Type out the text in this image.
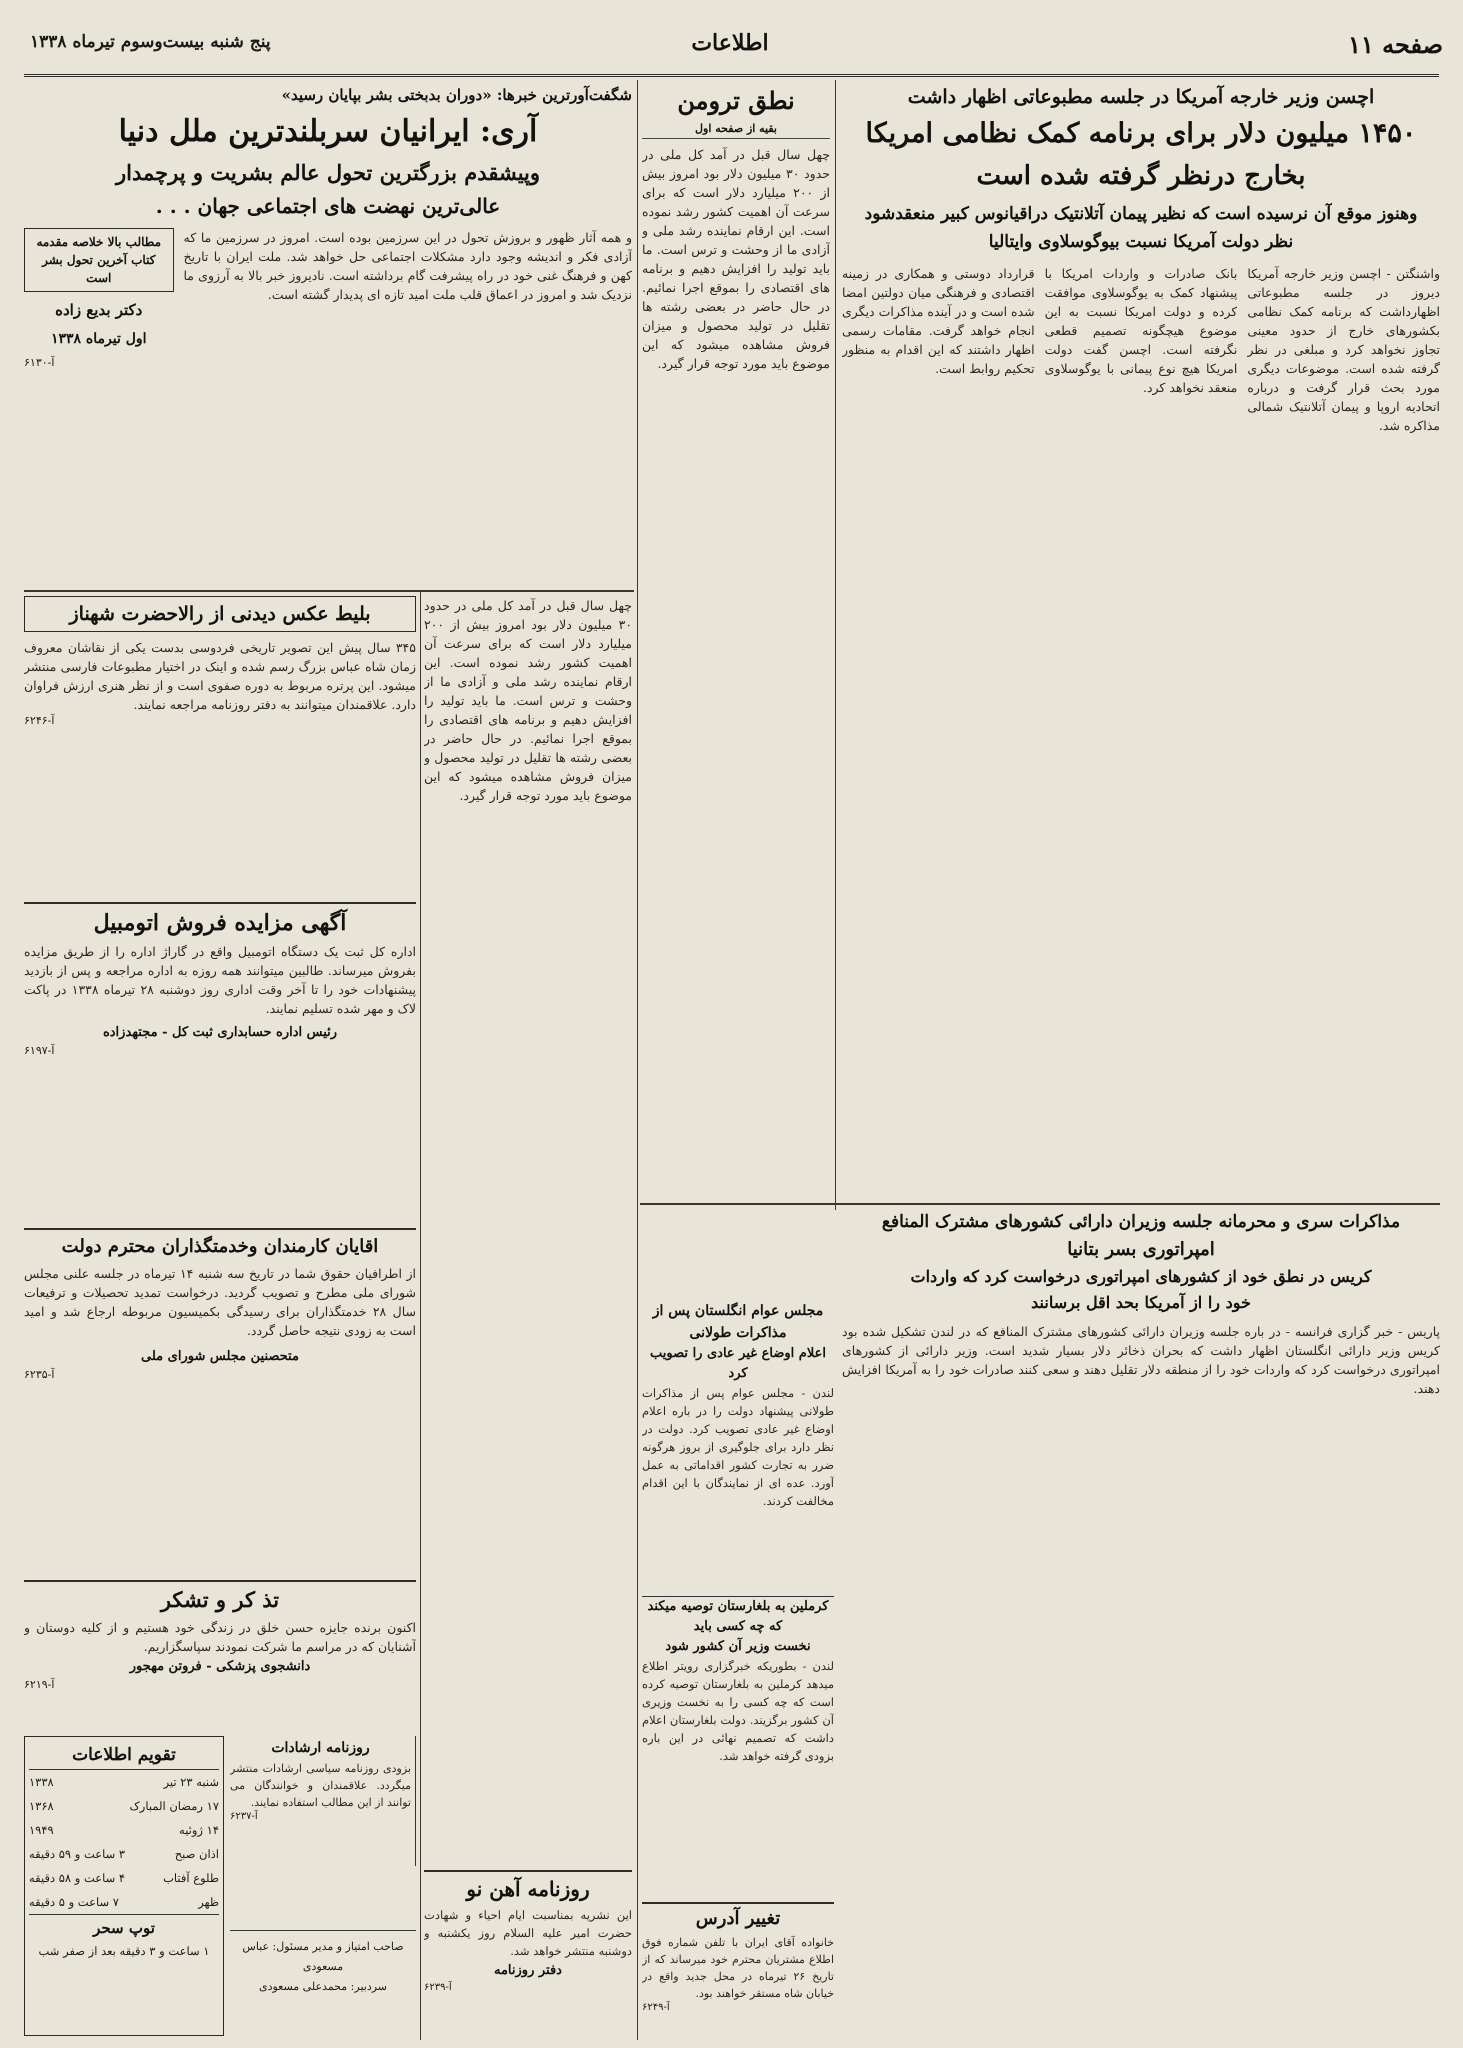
صفحه ۱۱
اطلاعات
پنج شنبه بیست‌وسوم تیرماه ۱۳۳۸
اچسن وزیر خارجه آمریکا در جلسه مطبوعاتی اظهار داشت
۱۴۵۰ میلیون دلار برای برنامه کمک نظامی امریکا
بخارج درنظر گرفته شده است
وهنوز موقع آن نرسیده است که نظیر پیمان آتلانتیک دراقیانوس کبیر منعقدشود
نظر دولت آمریکا نسبت بیوگوسلاوی وایتالیا
واشنگتن - اچسن وزیر خارجه آمریکا دیروز در جلسه مطبوعاتی اظهارداشت که برنامه کمک نظامی بکشورهای خارج از حدود معینی تجاوز نخواهد کرد و مبلغی در نظر گرفته شده است. موضوعات دیگری مورد بحث قرار گرفت و درباره اتحادیه اروپا و پیمان آتلانتیک شمالی مذاکره شد.
بانک صادرات و واردات امریکا با پیشنهاد کمک به یوگوسلاوی موافقت کرده و دولت امریکا نسبت به این موضوع هیچگونه تصمیم قطعی نگرفته است. اچسن گفت دولت امریکا هیچ نوع پیمانی با یوگوسلاوی منعقد نخواهد کرد.
قرارداد دوستی و همکاری در زمینه اقتصادی و فرهنگی میان دولتین امضا شده است و در آینده مذاکرات دیگری انجام خواهد گرفت. مقامات رسمی اظهار داشتند که این اقدام به منظور تحکیم روابط است.
نطق ترومن
بقیه از صفحه اول
چهل سال قبل در آمد کل ملی در حدود ۳۰ میلیون دلار بود امروز بیش از ۲۰۰ میلیارد دلار است که برای سرعت آن اهمیت کشور رشد نموده است. این ارقام نماینده رشد ملی و آزادی ما از وحشت و ترس است. ما باید تولید را افزایش دهیم و برنامه های اقتصادی را بموقع اجرا نمائیم. در حال حاضر در بعضی رشته ها تقلیل در تولید محصول و میزان فروش مشاهده میشود که این موضوع باید مورد توجه قرار گیرد.
شگفت‌آورترین خبرها: «دوران بدبختی بشر بپایان رسید»
آری: ایرانیان سربلندترین ملل دنیا
وپیشقدم بزرگترین تحول عالم بشریت و پرچمدار
عالی‌ترین نهضت های اجتماعی جهان . . .
و همه آثار ظهور و بروزش تحول در این سرزمین بوده است. امروز در سرزمین ما که آزادی فکر و اندیشه وجود دارد مشکلات اجتماعی حل خواهد شد. ملت ایران با تاریخ کهن و فرهنگ غنی خود در راه پیشرفت گام برداشته است. نادیروز خبر بالا به آرزوی ما نزدیک شد و امروز در اعماق قلب ملت امید تازه ای پدیدار گشته است.
مطالب بالا خلاصه مقدمه کتاب آخرین تحول بشر است
دکتر بدیع زاده
اول تیرماه ۱۳۳۸
آ-۶۱۳۰
بلیط عکس دیدنی از رالاحضرت شهناز
۳۴۵ سال پیش این تصویر تاریخی فردوسی بدست یکی از نقاشان معروف زمان شاه عباس بزرگ رسم شده و اینک در اختیار مطبوعات فارسی منتشر میشود. این پرتره مربوط به دوره صفوی است و از نظر هنری ارزش فراوان دارد. علاقمندان میتوانند به دفتر روزنامه مراجعه نمایند.
آ-۶۲۴۶
آگهی مزایده فروش اتومبیل
اداره کل ثبت یک دستگاه اتومبیل واقع در گاراژ اداره را از طریق مزایده بفروش میرساند. طالبین میتوانند همه روزه به اداره مراجعه و پس از بازدید پیشنهادات خود را تا آخر وقت اداری روز دوشنبه ۲۸ تیرماه ۱۳۳۸ در پاکت لاک و مهر شده تسلیم نمایند.
رئیس اداره حسابداری ثبت کل - مجتهدزاده
آ-۶۱۹۷
اقایان کارمندان وخدمتگذاران محترم دولت
از اطرافیان حقوق شما در تاریخ سه شنبه ۱۴ تیرماه در جلسه علنی مجلس شورای ملی مطرح و تصویب گردید. درخواست تمدید تحصیلات و ترفیعات سال ۲۸ خدمتگذاران برای رسیدگی بکمیسیون مربوطه ارجاع شد و امید است به زودی نتیجه حاصل گردد.
متحصنین مجلس شورای ملی
آ-۶۲۳۵
تذ کر و تشکر
اکنون برنده جایزه حسن خلق در زندگی خود هستیم و از کلیه دوستان و آشنایان که در مراسم ما شرکت نمودند سپاسگزاریم.
دانشجوی پزشکی - فروتن مهجور
آ-۶۲۱۹
تقویم اطلاعات
شنبه ۲۳ تیر
۱۳۳۸
۱۷ رمضان المبارک
۱۳۶۸
۱۴ ژوئیه
۱۹۴۹
اذان صبح
۳ ساعت و ۵۹ دقیقه
طلوع آفتاب
۴ ساعت و ۵۸ دقیقه
ظهر
۷ ساعت و ۵ دقیقه
توپ سحر
۱ ساعت و ۳ دقیقه بعد از صفر شب
روزنامه ارشادات
بزودی روزنامه سیاسی ارشادات منتشر میگردد. علاقمندان و خوانندگان می توانند از این مطالب استفاده نمایند.
آ-۶۲۳۷
صاحب امتیاز و مدیر مسئول: عباس مسعودی
سردبیر: محمدعلی مسعودی
روزنامه آهن نو
این نشریه بمناسبت ایام احیاء و شهادت حضرت امیر علیه السلام روز یکشنبه و دوشنبه منتشر خواهد شد.
دفتر روزنامه
آ-۶۲۳۹
چهل سال قبل در آمد کل ملی در حدود ۳۰ میلیون دلار بود امروز بیش از ۲۰۰ میلیارد دلار است که برای سرعت آن اهمیت کشور رشد نموده است. این ارقام نماینده رشد ملی و آزادی ما از وحشت و ترس است. ما باید تولید را افزایش دهیم و برنامه های اقتصادی را بموقع اجرا نمائیم. در حال حاضر در بعضی رشته ها تقلیل در تولید محصول و میزان فروش مشاهده میشود که این موضوع باید مورد توجه قرار گیرد.
مذاکرات سری و محرمانه جلسه وزیران دارائی کشورهای مشترک المنافع
امپراتوری بسر بتانیا
کریس در نطق خود از کشورهای امپراتوری درخواست کرد که واردات
خود را از آمریکا بحد اقل برسانند
پاریس - خبر گزاری فرانسه - در باره جلسه وزیران دارائی کشورهای مشترک المنافع که در لندن تشکیل شده بود کریس وزیر دارائی انگلستان اظهار داشت که بحران ذخائر دلار بسیار شدید است. وزیر دارائی از کشورهای امپراتوری درخواست کرد که واردات خود را از منطقه دلار تقلیل دهند و سعی کنند صادرات خود را به آمریکا افزایش دهند.
مجلس عوام انگلستان پس از مذاکرات طولانی
اعلام اوضاع غیر عادی را تصویب کرد
لندن - مجلس عوام پس از مذاکرات طولانی پیشنهاد دولت را در باره اعلام اوضاع غیر عادی تصویب کرد. دولت در نظر دارد برای جلوگیری از بروز هرگونه ضرر به تجارت کشور اقداماتی به عمل آورد. عده ای از نمایندگان با این اقدام مخالفت کردند.
کرملین به بلغارستان توصیه میکند که چه کسی باید
نخست وزیر آن کشور شود
لندن - بطوریکه خبرگزاری رویتر اطلاع میدهد کرملین به بلغارستان توصیه کرده است که چه کسی را به نخست وزیری آن کشور برگزیند. دولت بلغارستان اعلام داشت که تصمیم نهائی در این باره بزودی گرفته خواهد شد.
تغییر آدرس
خانواده آقای ایران با تلفن شماره فوق اطلاع مشتریان محترم خود میرساند که از تاریخ ۲۶ تیرماه در محل جدید واقع در خیابان شاه مستقر خواهند بود.
آ-۶۲۴۹
